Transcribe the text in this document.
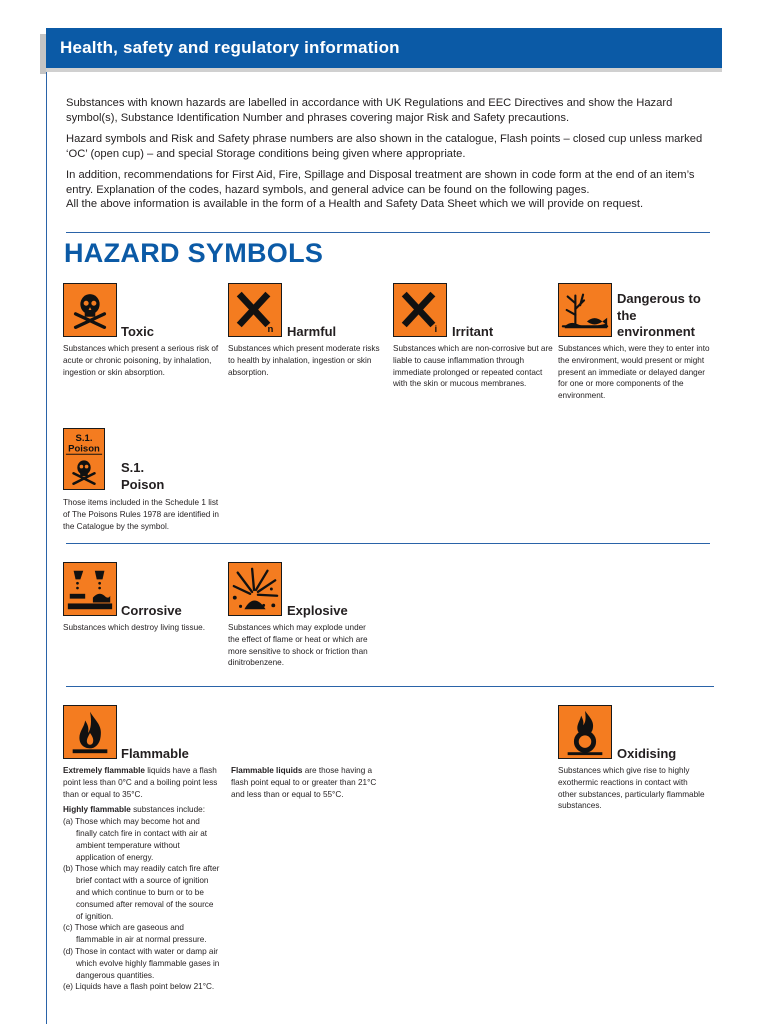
Health, safety and regulatory information

Substances with known hazards are labelled in accordance with UK Regulations and EEC Directives and show the Hazard symbol(s), Substance Identification Number and phrases covering major Risk and Safety precautions.

Hazard symbols and Risk and Safety phrase numbers are also shown in the catalogue, Flash points – closed cup unless marked ‘OC’ (open cup) – and special Storage conditions being given where appropriate.

In addition, recommendations for First Aid, Fire, Spillage and Disposal treatment are shown in code form at the end of an item’s entry. Explanation of the codes, hazard symbols, and general advice can be found on the following pages.

All the above information is available in the form of a Health and Safety Data Sheet which we will provide on request.

HAZARD SYMBOLS
Toxic
Substances which present a serious risk of acute or chronic poisoning, by inhalation, ingestion or skin absorption.
n Harmful
Substances which present moderate risks to health by inhalation, ingestion or skin absorption.
i Irritant
Substances which are non-corrosive but are liable to cause inflammation through immediate prolonged or repeated contact with the skin or mucous membranes.
Dangerous to the environment
Substances which, were they to enter into the environment, would present or might present an immediate or delayed danger for one or more components of the environment.
S.1.
Poison
S.1. Poison
Those items included in the Schedule 1 list of The Poisons Rules 1978 are identified in the Catalogue by the symbol.
Corrosive
Substances which destroy living tissue.
Explosive
Substances which may explode under the effect of flame or heat or which are more sensitive to shock or friction than dinitrobenzene.
Flammable

Extremely flammable liquids have a flash point less than 0°C and a boiling point less than or equal to 35°C.

Highly flammable substances include:
(a) Those which may become hot and finally catch fire in contact with air at ambient temperature without application of energy.
(b) Those which may readily catch fire after brief contact with a source of ignition and which continue to burn or to be consumed after removal of the source of ignition.
(c) Those which are gaseous and flammable in air at normal pressure.
(d) Those in contact with water or damp air which evolve highly flammable gases in dangerous quantities.
(e) Liquids have a flash point below 21°C.
Flammable liquids are those having a flash point equal to or greater than 21°C and less than or equal to 55°C.
Oxidising
Substances which give rise to highly exothermic reactions in contact with other substances, particularly flammable substances.
